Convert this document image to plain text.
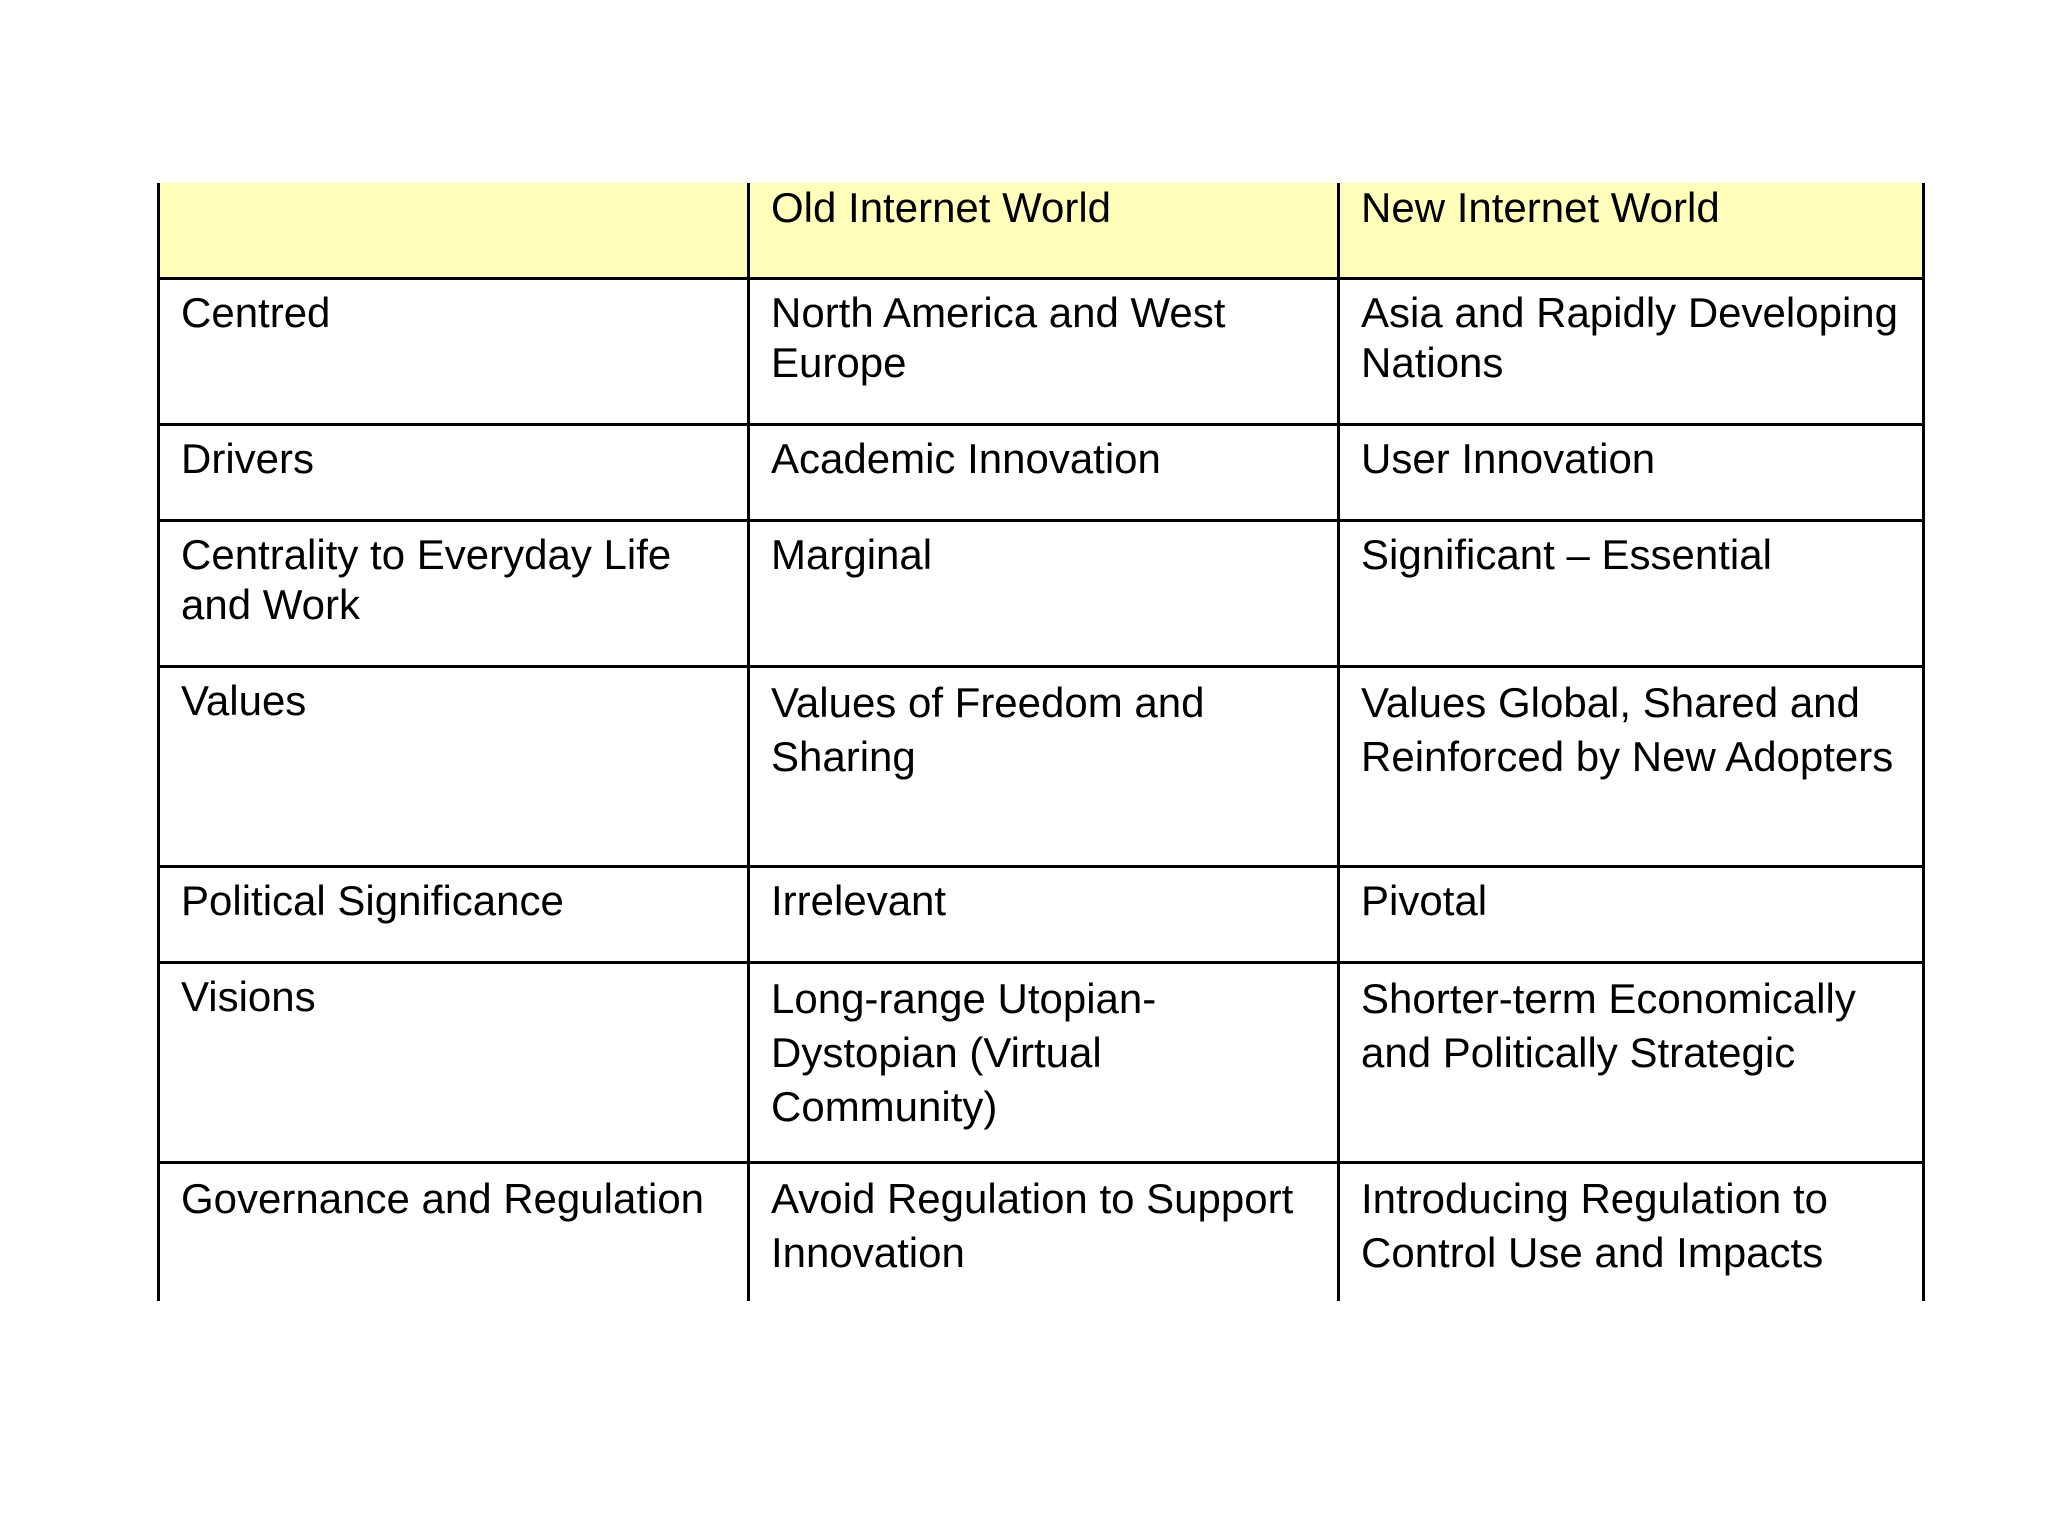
	Old Internet World	New Internet World
Centred	North America and West Europe	Asia and Rapidly Developing Nations
Drivers	Academic Innovation	User Innovation
Centrality to Everyday Life and Work	Marginal	Significant – Essential
Values	Values of Freedom and Sharing	Values Global, Shared and Reinforced by New Adopters
Political Significance	Irrelevant	Pivotal
Visions	Long-range Utopian-Dystopian (Virtual Community)	Shorter-term Economically and Politically Strategic
Governance and Regulation	Avoid Regulation to Support Innovation	Introducing Regulation to Control Use and Impacts
